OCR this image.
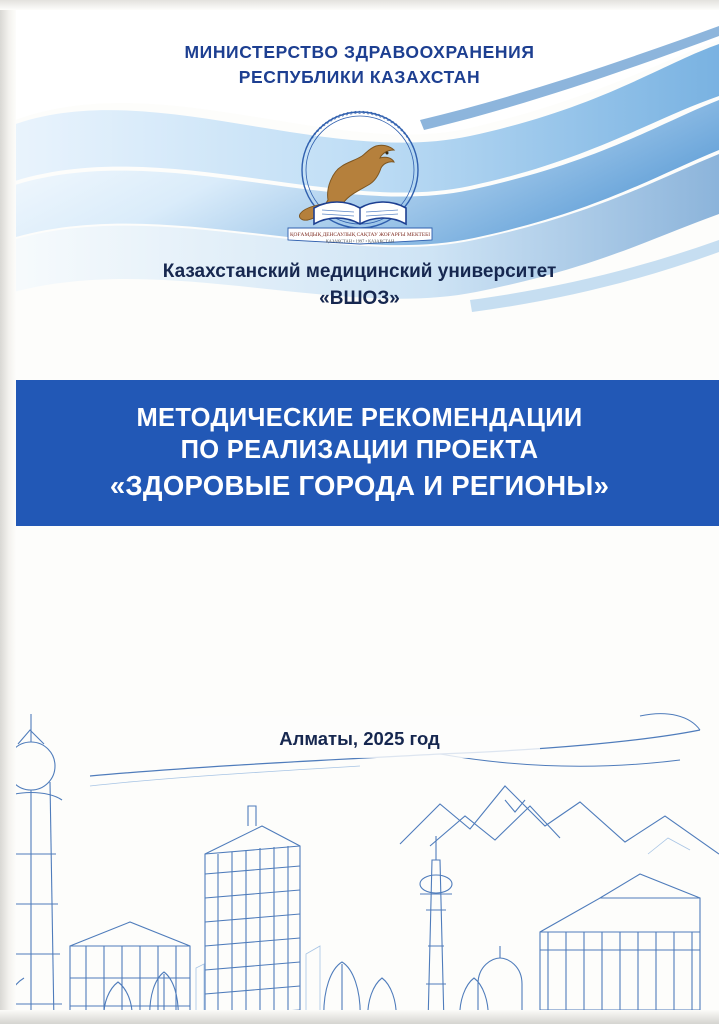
МИНИСТЕРСТВО ЗДРАВООХРАНЕНИЯ
РЕСПУБЛИКИ КАЗАХСТАН
ҚОҒАМДЫҚ ДЕНСАУЛЫҚ САҚТАУ ЖОҒАРҒЫ МЕКТЕБІ
ҚАЗАҚСТАН • 1997 • ҚАЗАҚСТАН
Казахстанский медицинский университет
«ВШОЗ»
МЕТОДИЧЕСКИЕ РЕКОМЕНДАЦИИ
ПО РЕАЛИЗАЦИИ ПРОЕКТА
«ЗДОРОВЫЕ ГОРОДА И РЕГИОНЫ»
Алматы, 2025 год
